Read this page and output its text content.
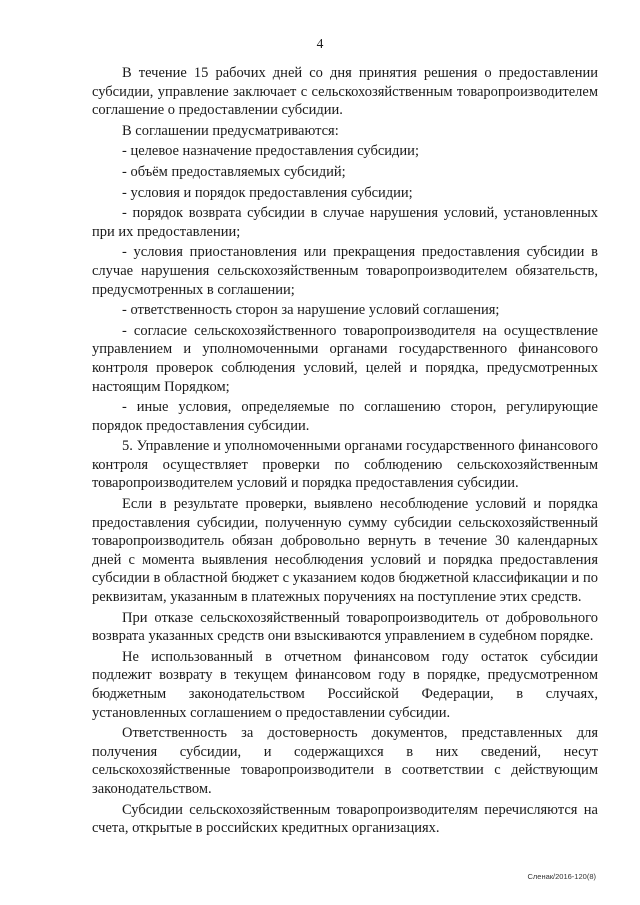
4

В течение 15 рабочих дней со дня принятия решения о предоставлении субсидии, управление заключает с сельскохозяйственным товаропроизводителем соглашение о предоставлении субсидии.

В соглашении предусматриваются:

- целевое назначение предоставления субсидии;

- объём предоставляемых субсидий;

- условия и порядок предоставления субсидии;

- порядок возврата субсидии в случае нарушения условий, установленных при их предоставлении;

- условия приостановления или прекращения предоставления субсидии в случае нарушения сельскохозяйственным товаропроизводителем обязательств, предусмотренных в соглашении;

- ответственность сторон за нарушение условий соглашения;

- согласие сельскохозяйственного товаропроизводителя на осуществление управлением и уполномоченными органами государственного финансового контроля проверок соблюдения условий, целей и порядка, предусмотренных настоящим Порядком;

- иные условия, определяемые по соглашению сторон, регулирующие порядок предоставления субсидии.

5. Управление и уполномоченными органами государственного финансового контроля осуществляет проверки по соблюдению сельскохозяйственным товаропроизводителем условий и порядка предоставления субсидии.

Если в результате проверки, выявлено несоблюдение условий и порядка предоставления субсидии, полученную сумму субсидии сельскохозяйственный товаропроизводитель обязан добровольно вернуть в течение 30 календарных дней с момента выявления несоблюдения условий и порядка предоставления субсидии в областной бюджет с указанием кодов бюджетной классификации и по реквизитам, указанным в платежных поручениях на поступление этих средств.

При отказе сельскохозяйственный товаропроизводитель от добровольного возврата указанных средств они взыскиваются управлением в судебном порядке.

Не использованный в отчетном финансовом году остаток субсидии подлежит возврату в текущем финансовом году в порядке, предусмотренном бюджетным законодательством Российской Федерации, в случаях, установленных соглашением о предоставлении субсидии.

Ответственность за достоверность документов, представленных для получения субсидии, и содержащихся в них сведений, несут сельскохозяйственные товаропроизводители в соответствии с действующим законодательством.

Субсидии сельскохозяйственным товаропроизводителям перечисляются на счета, открытые в российских кредитных организациях.

Сленак/2016-120(8)
